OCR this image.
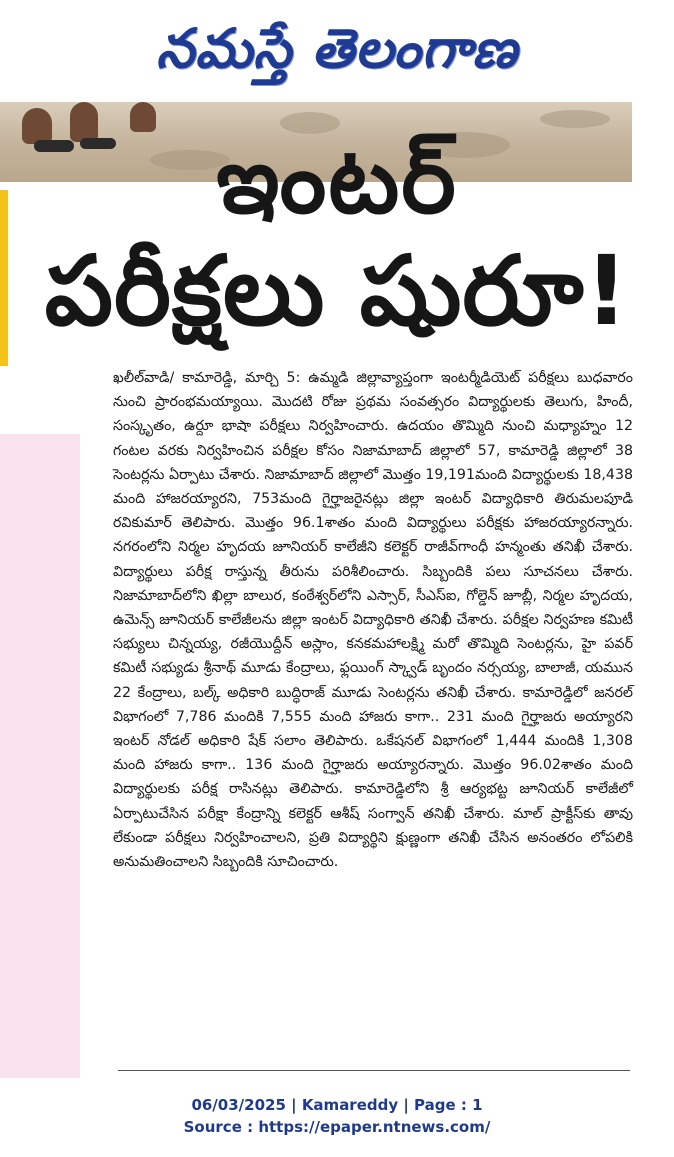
నమస్తే తెలంగాణ
ఇంటర్
పరీక్షలు షురూ!
ఖలీల్‌వాడి/ కామారెడ్డి, మార్చి 5: ఉమ్మడి జిల్లావ్యాప్తంగా ఇంటర్మీడియెట్ పరీక్షలు బుధవారం నుంచి ప్రారంభమయ్యాయి. మొదటి రోజు ప్రథమ సంవత్సరం విద్యార్థులకు తెలుగు, హిందీ, సంస్కృతం, ఉర్దూ భాషా పరీక్షలు నిర్వహించారు. ఉదయం తొమ్మిది నుంచి మధ్యాహ్నం 12 గంటల వరకు నిర్వహించిన పరీక్షల కోసం నిజామాబాద్ జిల్లాలో 57, కామారెడ్డి జిల్లాలో 38 సెంటర్లను ఏర్పాటు చేశారు. నిజామాబాద్ జిల్లాలో మొత్తం 19,191మంది విద్యార్థులకు 18,438 మంది హాజరయ్యారని, 753మంది గైర్హాజరైనట్లు జిల్లా ఇంటర్ విద్యాధికారి తిరుమలపూడి రవికుమార్ తెలిపారు. మొత్తం 96.1శాతం మంది విద్యార్థులు పరీక్షకు హాజరయ్యారన్నారు. నగరంలోని నిర్మల హృదయ జూనియర్ కాలేజీని కలెక్టర్ రాజీవ్‌గాంధీ హన్మంతు తనిఖీ చేశారు. విద్యార్థులు పరీక్ష రాస్తున్న తీరును పరిశీలించారు. సిబ్బందికి పలు సూచనలు చేశారు. నిజామాబాద్‌లోని ఖిల్లా బాలుర, కంఠేశ్వర్‌లోని ఎస్సార్, సీఎస్ఐ, గోల్డెన్ జూబ్లీ, నిర్మల హృదయ, ఉమెన్స్ జూనియర్ కాలేజీలను జిల్లా ఇంటర్ విద్యాధికారి తనిఖీ చేశారు. పరీక్షల నిర్వహణ కమిటీ సభ్యులు చిన్నయ్య, రజీయొద్దీన్ అస్లాం, కనకమహాలక్ష్మి మరో తొమ్మిది సెంటర్లను, హై పవర్ కమిటీ సభ్యుడు శ్రీనాథ్ మూడు కేంద్రాలు, ఫ్లయింగ్ స్క్వాడ్ బృందం నర్సయ్య, బాలాజీ, యమున 22 కేంద్రాలు, బల్క్ అధికారి బుద్ధిరాజ్ మూడు సెంటర్లను తనిఖీ చేశారు. కామారెడ్డిలో జనరల్ విభాగంలో 7,786 మందికి 7,555 మంది హాజరు కాగా.. 231 మంది గైర్హాజరు అయ్యారని ఇంటర్ నోడల్ అధికారి షేక్ సలాం తెలిపారు. ఒకేషనల్ విభాగంలో 1,444 మందికి 1,308 మంది హాజరు కాగా.. 136 మంది గైర్హాజరు అయ్యారన్నారు. మొత్తం 96.02శాతం మంది విద్యార్థులకు పరీక్ష రాసినట్లు తెలిపారు. కామారెడ్డిలోని శ్రీ ఆర్యభట్ట జూనియర్ కాలేజీలో ఏర్పాటుచేసిన పరీక్షా కేంద్రాన్ని కలెక్టర్ ఆశీష్ సంగ్వాన్ తనిఖీ చేశారు. మాల్ ప్రాక్టీస్‌కు తావు లేకుండా పరీక్షలు నిర్వహించాలని, ప్రతి విద్యార్థిని క్షుణ్ణంగా తనిఖీ చేసిన అనంతరం లోపలికి అనుమతించాలని సిబ్బందికి సూచించారు.
06/03/2025 | Kamareddy | Page : 1
Source : https://epaper.ntnews.com/
